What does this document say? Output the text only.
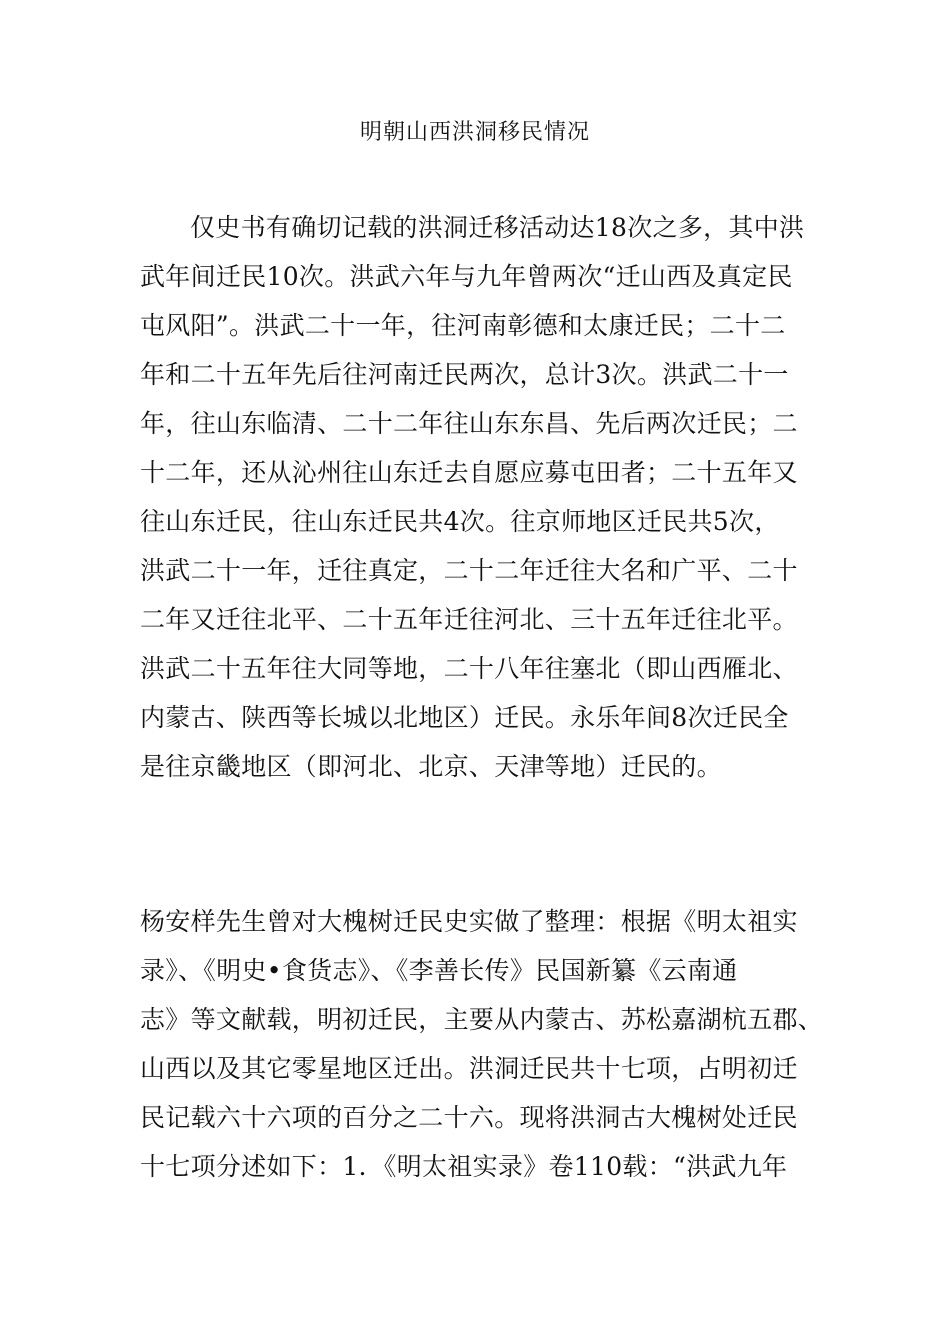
明朝山西洪洞移民情况
仅史书有确切记载的洪洞迁移活动达18次之多，其中洪
武年间迁民10次。洪武六年与九年曾两次“迁山西及真定民
屯风阳”。洪武二十一年，往河南彰德和太康迁民；二十二
年和二十五年先后往河南迁民两次，总计3次。洪武二十一
年，往山东临清、二十二年往山东东昌、先后两次迁民；二
十二年，还从沁州往山东迁去自愿应募屯田者；二十五年又
往山东迁民，往山东迁民共4次。往京师地区迁民共5次，
洪武二十一年，迁往真定，二十二年迁往大名和广平、二十
二年又迁往北平、二十五年迁往河北、三十五年迁往北平。
洪武二十五年往大同等地，二十八年往塞北（即山西雁北、
内蒙古、陕西等长城以北地区）迁民。永乐年间8次迁民全
是往京畿地区（即河北、北京、天津等地）迁民的。
杨安样先生曾对大槐树迁民史实做了整理：根据《明太祖实
录》、《明史•食货志》、《李善长传》民国新纂《云南通
志》等文献载，明初迁民，主要从内蒙古、苏松嘉湖杭五郡、
山西以及其它零星地区迁出。洪洞迁民共十七项，占明初迁
民记载六十六项的百分之二十六。现将洪洞古大槐树处迁民
十七项分述如下：1．《明太祖实录》卷110载：“洪武九年
